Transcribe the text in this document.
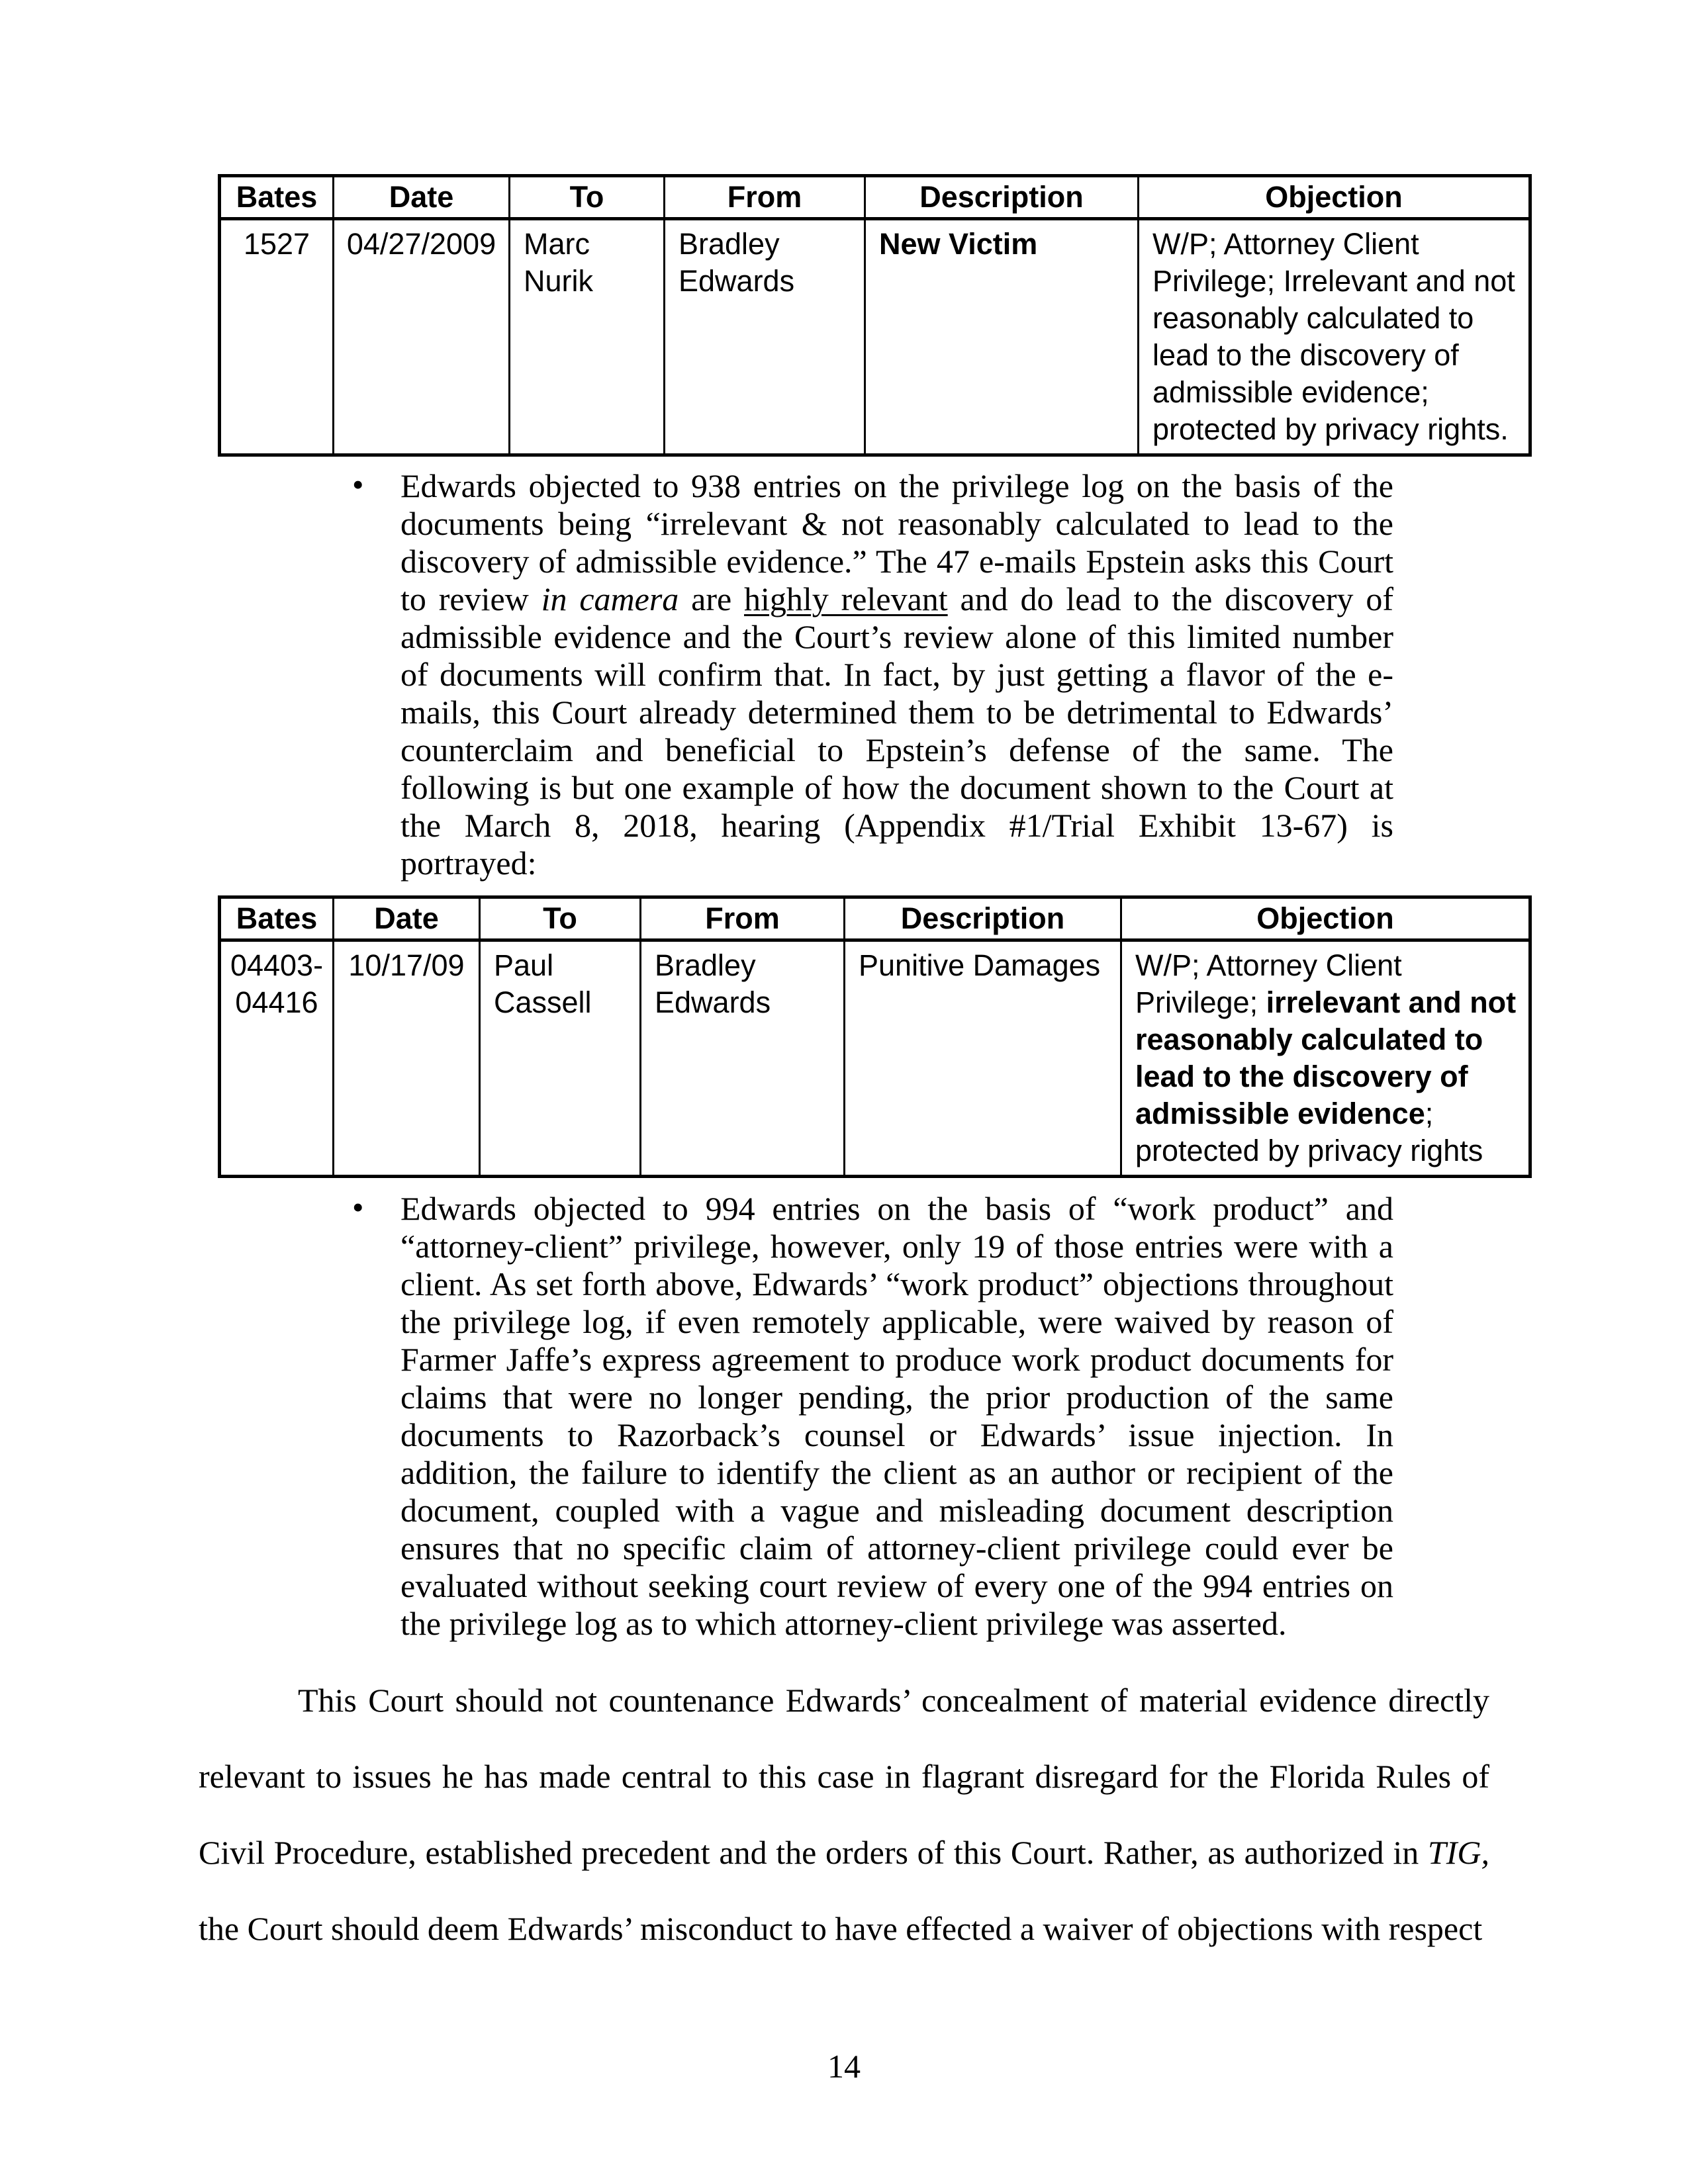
Bates	Date	To	From	Description	Objection
1527	04/27/2009	Marc Nurik	Bradley Edwards	New Victim	W/P; Attorney Client Privilege; Irrelevant and not reasonably calculated to lead to the discovery of admissible evidence; protected by privacy rights.
• Edwards objected to 938 entries on the privilege log on the basis of the documents being “irrelevant & not reasonably calculated to lead to the discovery of admissible evidence.” The 47 e-mails Epstein asks this Court to review in camera are highly relevant and do lead to the discovery of admissible evidence and the Court’s review alone of this limited number of documents will confirm that. In fact, by just getting a flavor of the e-mails, this Court already determined them to be detrimental to Edwards’ counterclaim and beneficial to Epstein’s defense of the same. The following is but one example of how the document shown to the Court at the March 8, 2018, hearing (Appendix #1/Trial Exhibit 13-67) is portrayed:
Bates	Date	To	From	Description	Objection
04403-04416	10/17/09	Paul Cassell	Bradley Edwards	Punitive Damages	W/P; Attorney Client Privilege; irrelevant and not reasonably calculated to lead to the discovery of admissible evidence; protected by privacy rights
• Edwards objected to 994 entries on the basis of “work product” and “attorney-client” privilege, however, only 19 of those entries were with a client. As set forth above, Edwards’ “work product” objections throughout the privilege log, if even remotely applicable, were waived by reason of Farmer Jaffe’s express agreement to produce work product documents for claims that were no longer pending, the prior production of the same documents to Razorback’s counsel or Edwards’ issue injection. In addition, the failure to identify the client as an author or recipient of the document, coupled with a vague and misleading document description ensures that no specific claim of attorney-client privilege could ever be evaluated without seeking court review of every one of the 994 entries on the privilege log as to which attorney-client privilege was asserted.
This Court should not countenance Edwards’ concealment of material evidence directly relevant to issues he has made central to this case in flagrant disregard for the Florida Rules of Civil Procedure, established precedent and the orders of this Court. Rather, as authorized in TIG, the Court should deem Edwards’ misconduct to have effected a waiver of objections with respect
14
